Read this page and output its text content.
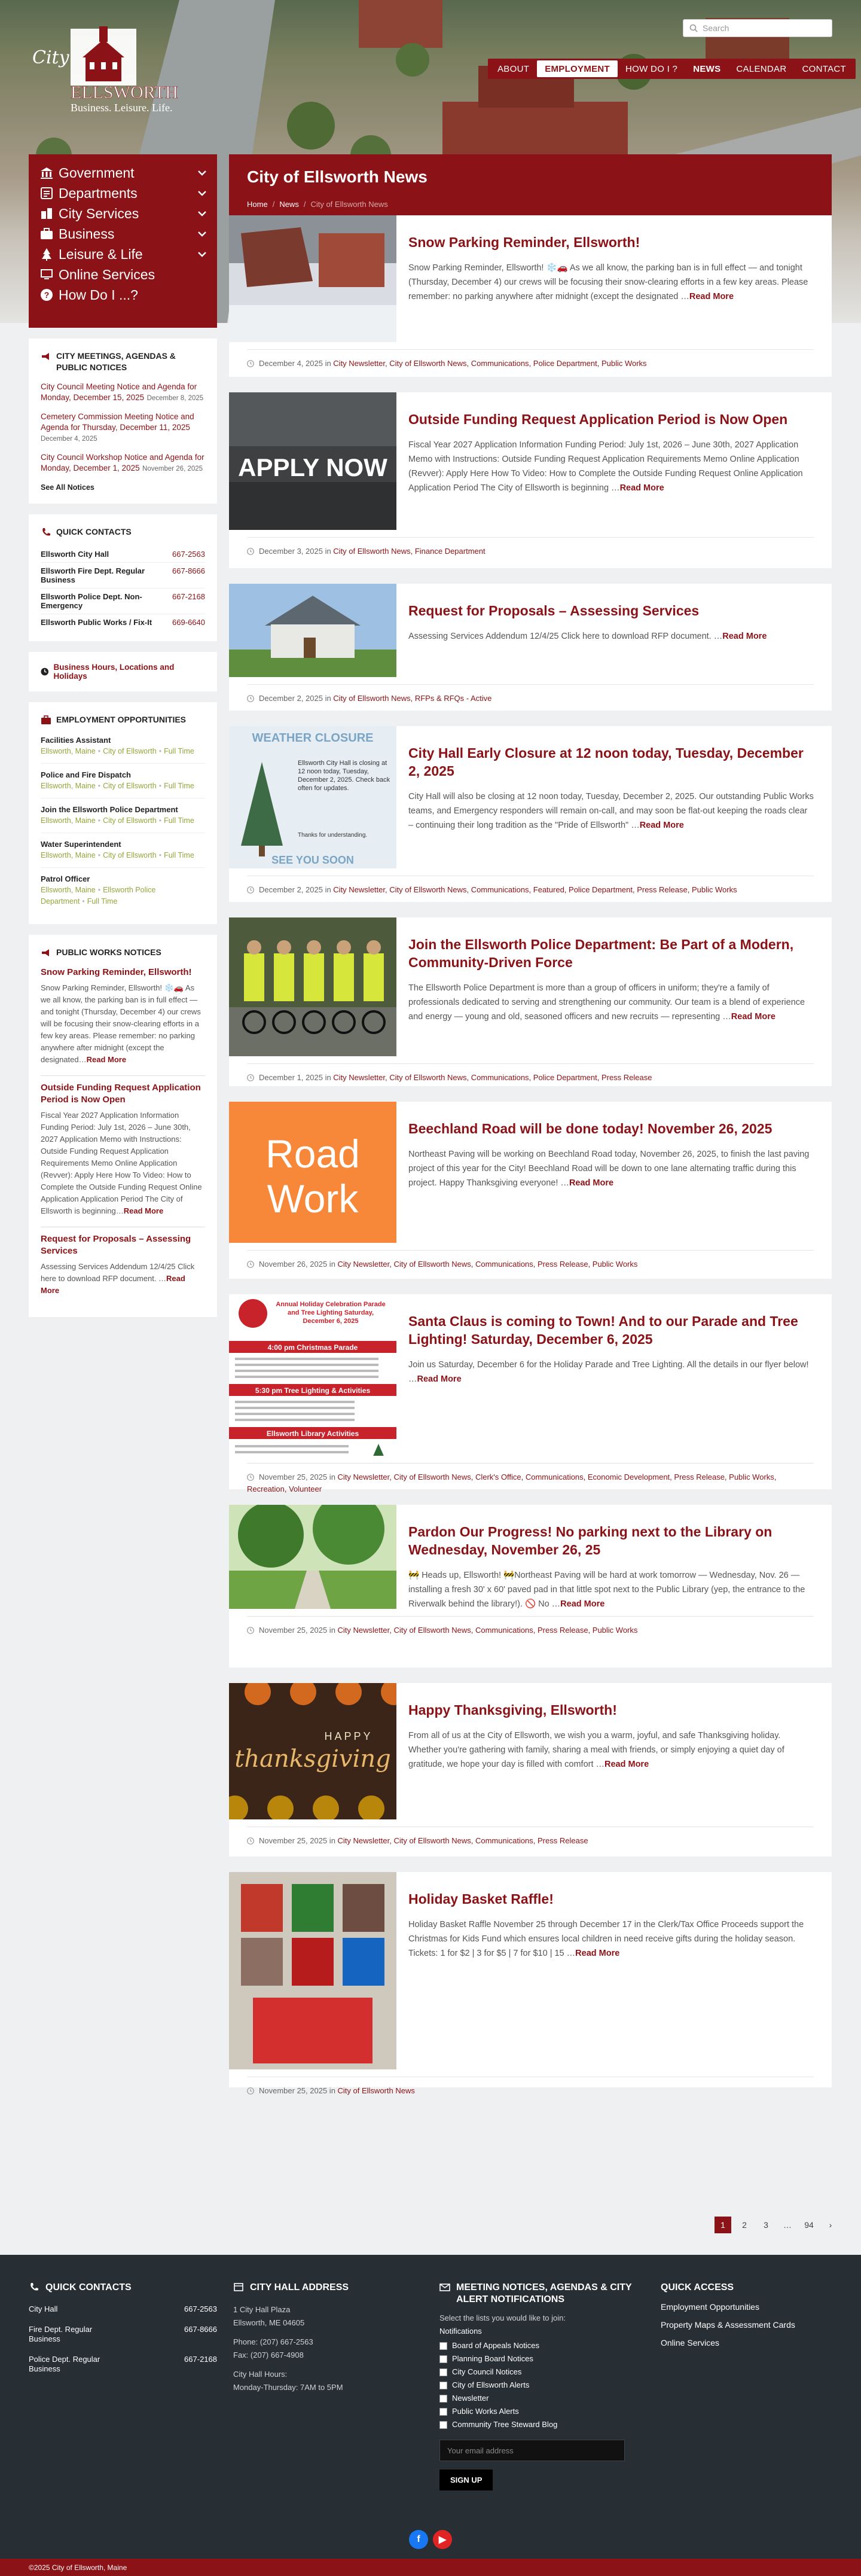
City
ELLSWORTH
Business. Leisure. Life.
Search
ABOUT	EMPLOYMENT	HOW DO I ?	NEWS	CALENDAR	CONTACT
Government
Departments
City Services
Business
Leisure & Life
Online Services
? How Do I ...?
CITY MEETINGS, AGENDAS & PUBLIC NOTICES
City Council Meeting Notice and Agenda for Monday, December 15, 2025 December 8, 2025
Cemetery Commission Meeting Notice and Agenda for Thursday, December 11, 2025 December 4, 2025
City Council Workshop Notice and Agenda for Monday, December 1, 2025 November 26, 2025
See All Notices
QUICK CONTACTS
Ellsworth City Hall	667-2563
Ellsworth Fire Dept. Regular Business
667-8666
Ellsworth Police Dept. Non-Emergency
667-2168
Ellsworth Public Works / Fix-It	669-6640
Business Hours, Locations and Holidays
EMPLOYMENT OPPORTUNITIES
Facilities Assistant
Ellsworth, Maine • City of Ellsworth • Full Time
Police and Fire Dispatch
Ellsworth, Maine • City of Ellsworth • Full Time
Join the Ellsworth Police Department
Ellsworth, Maine • City of Ellsworth • Full Time
Water Superintendent
Ellsworth, Maine • City of Ellsworth • Full Time
Patrol Officer
Ellsworth, Maine • Ellsworth Police Department • Full Time
PUBLIC WORKS NOTICES
Snow Parking Reminder, Ellsworth!
Snow Parking Reminder, Ellsworth! ❄️🚗 As we all know, the parking ban is in full effect — and tonight (Thursday, December 4) our crews will be focusing their snow-clearing efforts in a few key areas. Please remember: no parking anywhere after midnight (except the designated…Read More
Outside Funding Request Application Period is Now Open
Fiscal Year 2027 Application Information Funding Period: July 1st, 2026 – June 30th, 2027 Application Memo with Instructions: Outside Funding Request Application Requirements Memo Online Application (Revver): Apply Here How To Video: How to Complete the Outside Funding Request Online Application Application Period The City of Ellsworth is beginning…Read More
Request for Proposals – Assessing Services
Assessing Services Addendum 12/4/25 Click here to download RFP document. …Read More
City of Ellsworth News
Home / News / City of Ellsworth News
Snow Parking Reminder, Ellsworth!
Snow Parking Reminder, Ellsworth! ❄️🚗 As we all know, the parking ban is in full effect — and tonight (Thursday, December 4) our crews will be focusing their snow-clearing efforts in a few key areas. Please remember: no parking anywhere after midnight (except the designated …Read More
December 4, 2025 in City Newsletter, City of Ellsworth News, Communications, Police Department, Public Works
APPLY NOW
Outside Funding Request Application Period is Now Open
Fiscal Year 2027 Application Information Funding Period: July 1st, 2026 – June 30th, 2027 Application Memo with Instructions: Outside Funding Request Application Requirements Memo Online Application (Revver): Apply Here How To Video: How to Complete the Outside Funding Request Online Application Application Period The City of Ellsworth is beginning …Read More
December 3, 2025 in City of Ellsworth News, Finance Department
Request for Proposals – Assessing Services
Assessing Services Addendum 12/4/25 Click here to download RFP document. …Read More
December 2, 2025 in City of Ellsworth News, RFPs & RFQs - Active
WEATHER CLOSURE
Ellsworth City Hall is closing at 12 noon today, Tuesday, December 2, 2025. Check back often for updates.
Thanks for understanding.
SEE YOU SOON
City Hall Early Closure at 12 noon today, Tuesday, December 2, 2025
City Hall will also be closing at 12 noon today, Tuesday, December 2, 2025. Our outstanding Public Works teams, and Emergency responders will remain on-call, and may soon be flat-out keeping the roads clear – continuing their long tradition as the "Pride of Ellsworth" …Read More
December 2, 2025 in City Newsletter, City of Ellsworth News, Communications, Featured, Police Department, Press Release, Public Works
Join the Ellsworth Police Department: Be Part of a Modern, Community-Driven Force
The Ellsworth Police Department is more than a group of officers in uniform; they're a family of professionals dedicated to serving and strengthening our community. Our team is a blend of experience and energy — young and old, seasoned officers and new recruits — representing …Read More
December 1, 2025 in City Newsletter, City of Ellsworth News, Communications, Police Department, Press Release
Road
Work
Beechland Road will be done today! November 26, 2025
Northeast Paving will be working on Beechland Road today, November 26, 2025, to finish the last paving project of this year for the City! Beechland Road will be down to one lane alternating traffic during this project. Happy Thanksgiving everyone! …Read More
November 26, 2025 in City Newsletter, City of Ellsworth News, Communications, Press Release, Public Works
Annual Holiday Celebration Parade and Tree Lighting Saturday, December 6, 2025
4:00 pm Christmas Parade
5:30 pm Tree Lighting & Activities
Ellsworth Library Activities
Santa Claus is coming to Town! And to our Parade and Tree Lighting! Saturday, December 6, 2025
Join us Saturday, December 6 for the Holiday Parade and Tree Lighting. All the details in our flyer below! …Read More
November 25, 2025 in City Newsletter, City of Ellsworth News, Clerk's Office, Communications, Economic Development, Press Release, Public Works, Recreation, Volunteer
Pardon Our Progress! No parking next to the Library on Wednesday, November 26, 25
🚧 Heads up, Ellsworth! 🚧Northeast Paving will be hard at work tomorrow — Wednesday, Nov. 26 — installing a fresh 30' x 60' paved pad in that little spot next to the Public Library (yep, the entrance to the Riverwalk behind the library!). 🚫 No …Read More
November 25, 2025 in City Newsletter, City of Ellsworth News, Communications, Press Release, Public Works
HAPPY
thanksgiving
Happy Thanksgiving, Ellsworth!
From all of us at the City of Ellsworth, we wish you a warm, joyful, and safe Thanksgiving holiday. Whether you're gathering with family, sharing a meal with friends, or simply enjoying a quiet day of gratitude, we hope your day is filled with comfort …Read More
November 25, 2025 in City Newsletter, City of Ellsworth News, Communications, Press Release
Holiday Basket Raffle!
Holiday Basket Raffle November 25 through December 17 in the Clerk/Tax Office Proceeds support the Christmas for Kids Fund which ensures local children in need receive gifts during the holiday season. Tickets: 1 for $2 | 3 for $5 | 7 for $10 | 15 …Read More
November 25, 2025 in City of Ellsworth News
1	2	3	…	94	›
QUICK CONTACTS
City Hall	667-2563
Fire Dept. Regular Business
667-8666
Police Dept. Regular Business
667-2168
CITY HALL ADDRESS
1 City Hall Plaza
Ellsworth, ME 04605
Phone: (207) 667-2563
Fax: (207) 667-4908
City Hall Hours:
Monday-Thursday: 7AM to 5PM
MEETING NOTICES, AGENDAS & CITY ALERT NOTIFICATIONS
Select the lists you would like to join:
Notifications
Board of Appeals Notices
Planning Board Notices
City Council Notices
City of Ellsworth Alerts
Newsletter
Public Works Alerts
Community Tree Steward Blog
Your email address
SIGN UP
QUICK ACCESS
Employment Opportunities
Property Maps & Assessment Cards
Online Services
f	▶
©2025 City of Ellsworth, Maine
